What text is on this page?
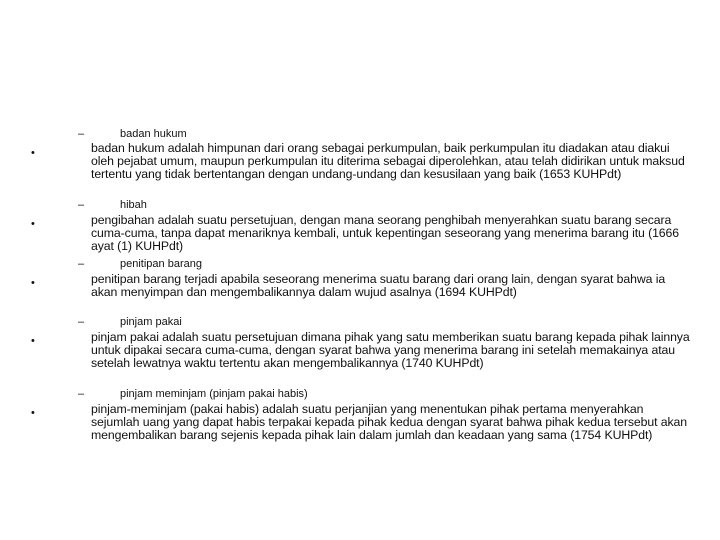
–	badan hukum
•	badan hukum adalah himpunan dari orang sebagai perkumpulan, baik perkumpulan itu diadakan atau diakui oleh pejabat umum, maupun perkumpulan itu diterima sebagai diperolehkan, atau telah didirikan untuk maksud tertentu yang tidak bertentangan dengan undang-undang dan kesusilaan yang baik (1653 KUHPdt)
–	hibah
•	pengibahan adalah suatu persetujuan, dengan mana seorang penghibah menyerahkan suatu barang secara cuma-cuma, tanpa dapat menariknya kembali, untuk kepentingan seseorang yang menerima barang itu (1666 ayat (1) KUHPdt)
–	penitipan barang
•	penitipan barang terjadi apabila seseorang menerima suatu barang dari orang lain, dengan syarat bahwa ia akan menyimpan dan mengembalikannya dalam wujud asalnya (1694 KUHPdt)
–	pinjam pakai
•	pinjam pakai adalah suatu persetujuan dimana pihak yang satu memberikan suatu barang kepada pihak lainnya untuk dipakai secara cuma-cuma, dengan syarat bahwa yang menerima barang ini setelah memakainya atau setelah lewatnya waktu tertentu akan mengembalikannya (1740 KUHPdt)
–	pinjam meminjam (pinjam pakai habis)
•	pinjam-meminjam (pakai habis) adalah suatu perjanjian yang menentukan pihak pertama menyerahkan sejumlah uang yang dapat habis terpakai kepada pihak kedua dengan syarat bahwa pihak kedua tersebut akan mengembalikan barang sejenis kepada pihak lain dalam jumlah dan keadaan yang sama (1754 KUHPdt)
